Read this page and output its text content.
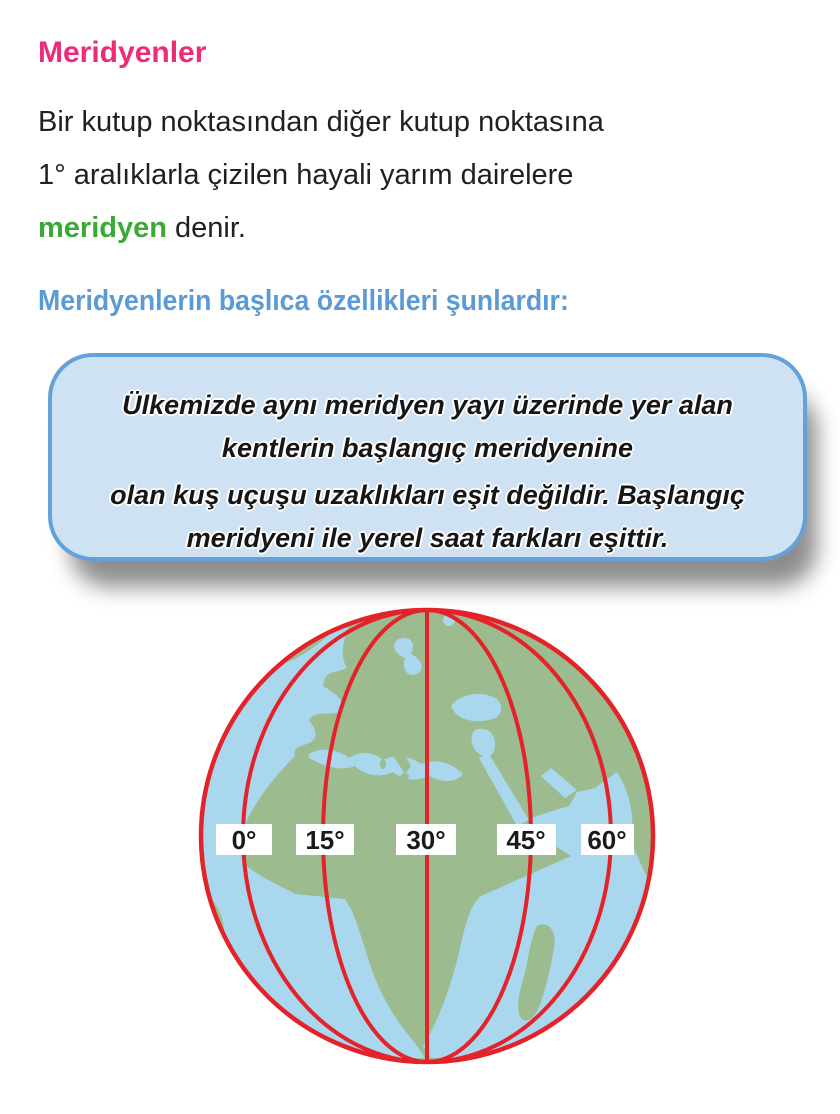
Meridyenler
Bir kutup noktasından diğer kutup noktasına
1° aralıklarla çizilen hayali yarım dairelere
meridyen denir.
Meridyenlerin başlıca özellikleri şunlardır:
Ülkemizde aynı meridyen yayı üzerinde yer alan
kentlerin başlangıç meridyenine
olan kuş uçuşu uzaklıkları eşit değildir. Başlangıç
meridyeni ile yerel saat farkları eşittir.
0° 15° 30° 45° 60°
